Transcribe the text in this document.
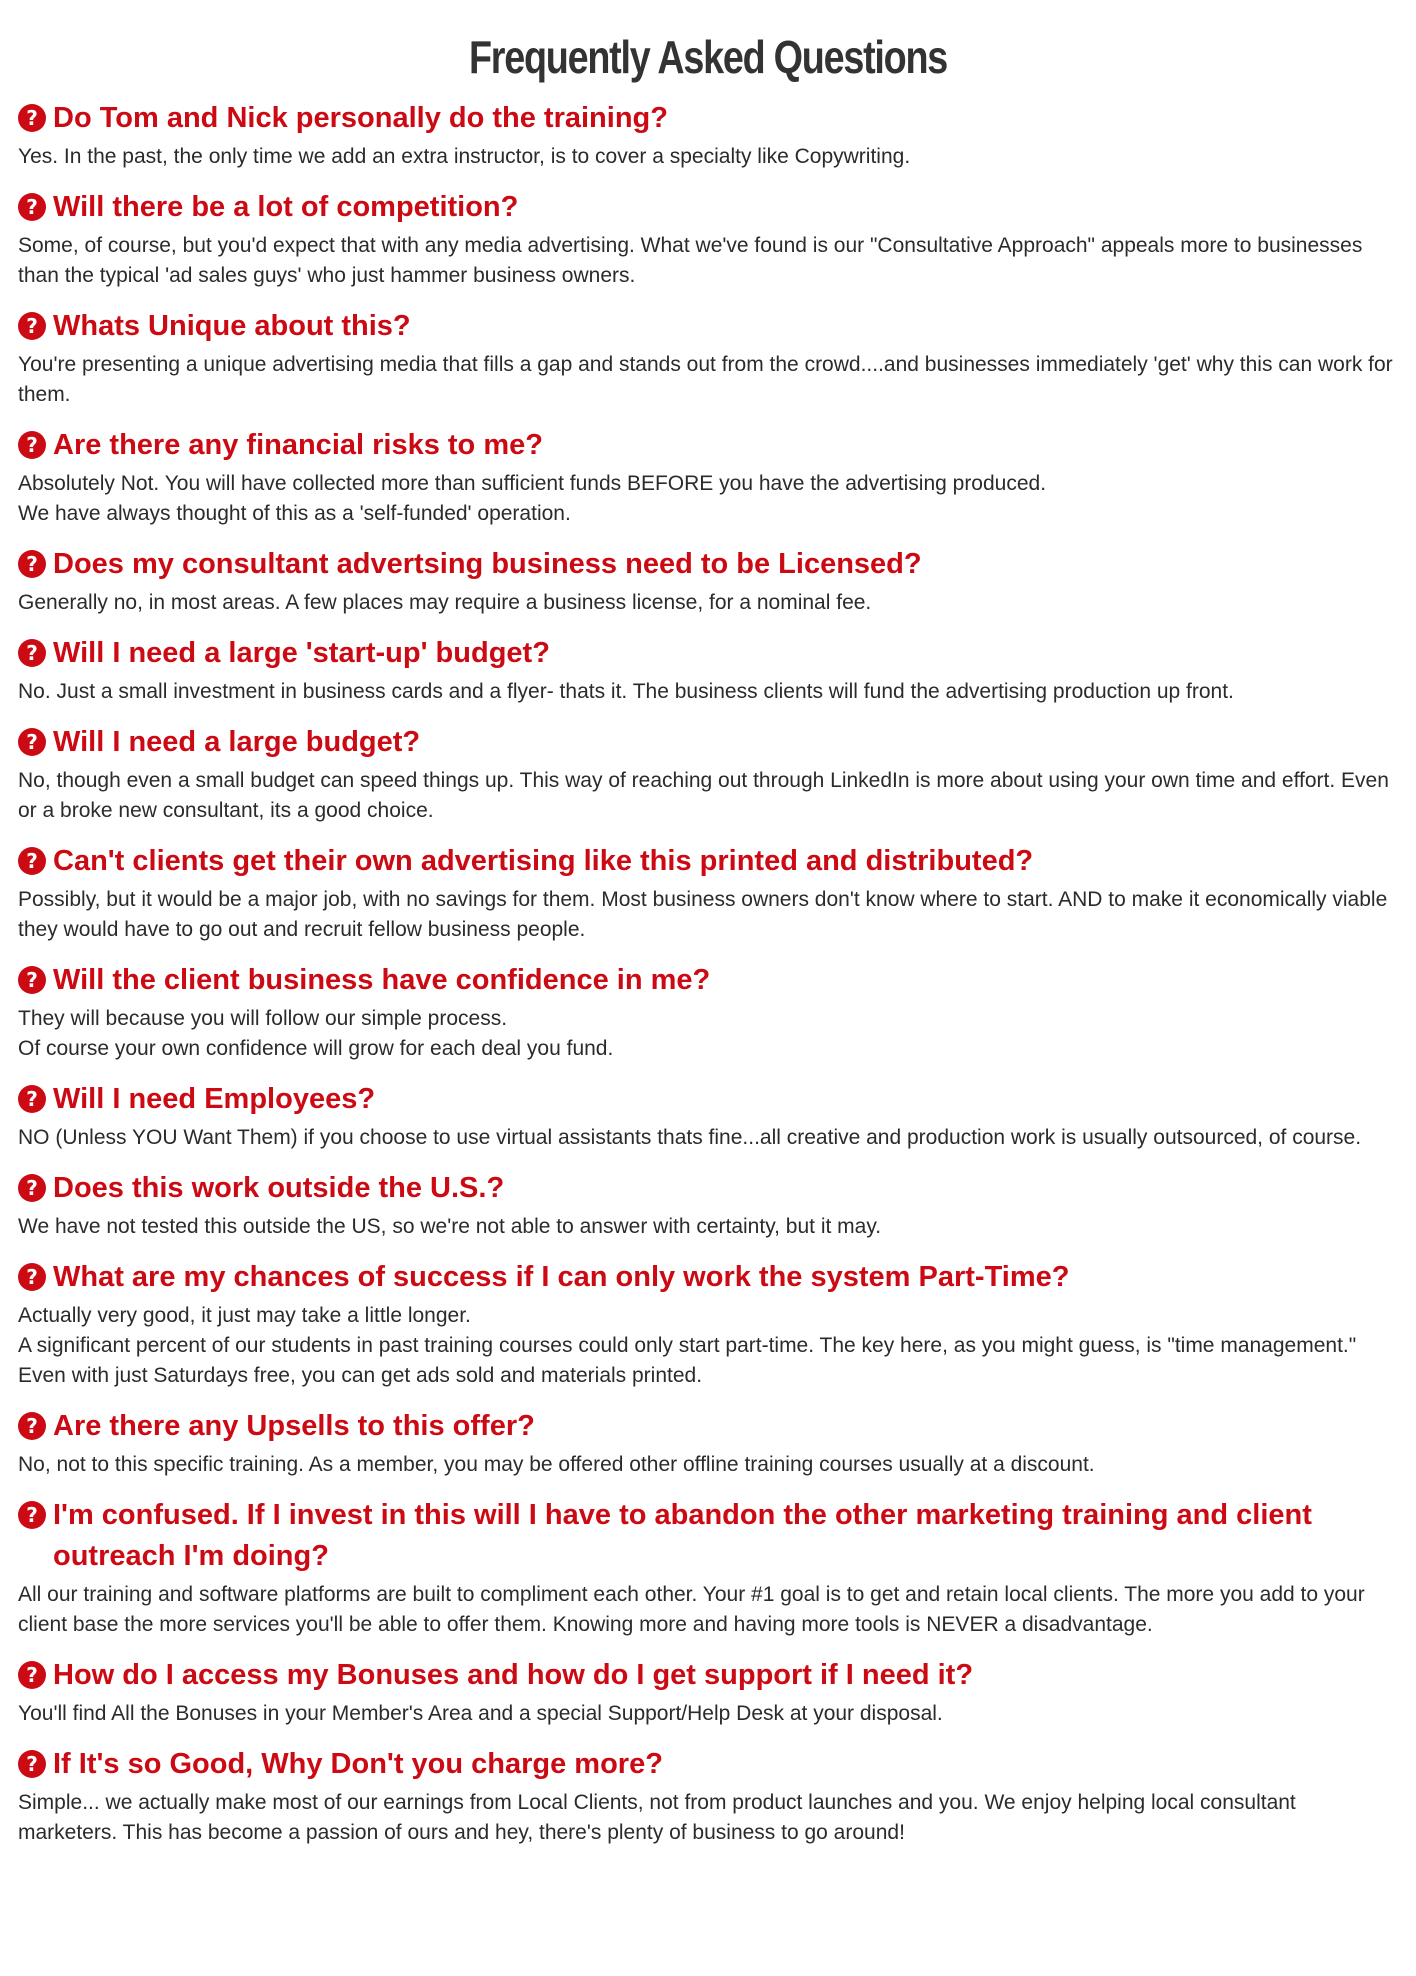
Frequently Asked Questions
? Do Tom and Nick personally do the training?
Yes. In the past, the only time we add an extra instructor, is to cover a specialty like Copywriting.
? Will there be a lot of competition?
Some, of course, but you'd expect that with any media advertising. What we've found is our "Consultative Approach" appeals more to businesses than the typical 'ad sales guys' who just hammer business owners.
? Whats Unique about this?
You're presenting a unique advertising media that fills a gap and stands out from the crowd....and businesses immediately 'get' why this can work for them.
? Are there any financial risks to me?
Absolutely Not. You will have collected more than sufficient funds BEFORE you have the advertising produced.
We have always thought of this as a 'self-funded' operation.
? Does my consultant advertsing business need to be Licensed?
Generally no, in most areas. A few places may require a business license, for a nominal fee.
? Will I need a large 'start-up' budget?
No. Just a small investment in business cards and a flyer- thats it. The business clients will fund the advertising production up front.
? Will I need a large budget?
No, though even a small budget can speed things up. This way of reaching out through LinkedIn is more about using your own time and effort. Even or a broke new consultant, its a good choice.
? Can't clients get their own advertising like this printed and distributed?
Possibly, but it would be a major job, with no savings for them. Most business owners don't know where to start. AND to make it economically viable they would have to go out and recruit fellow business people.
? Will the client business have confidence in me?
They will because you will follow our simple process.
Of course your own confidence will grow for each deal you fund.
? Will I need Employees?
NO (Unless YOU Want Them) if you choose to use virtual assistants thats fine...all creative and production work is usually outsourced, of course.
? Does this work outside the U.S.?
We have not tested this outside the US, so we're not able to answer with certainty, but it may.
? What are my chances of success if I can only work the system Part-Time?
Actually very good, it just may take a little longer.
A significant percent of our students in past training courses could only start part-time. The key here, as you might guess, is "time management." Even with just Saturdays free, you can get ads sold and materials printed.
? Are there any Upsells to this offer?
No, not to this specific training. As a member, you may be offered other offline training courses usually at a discount.
? I'm confused. If I invest in this will I have to abandon the other marketing training and client outreach I'm doing?
All our training and software platforms are built to compliment each other. Your #1 goal is to get and retain local clients. The more you add to your client base the more services you'll be able to offer them. Knowing more and having more tools is NEVER a disadvantage.
? How do I access my Bonuses and how do I get support if I need it?
You'll find All the Bonuses in your Member's Area and a special Support/Help Desk at your disposal.
? If It's so Good, Why Don't you charge more?
Simple... we actually make most of our earnings from Local Clients, not from product launches and you. We enjoy helping local consultant marketers. This has become a passion of ours and hey, there's plenty of business to go around!
